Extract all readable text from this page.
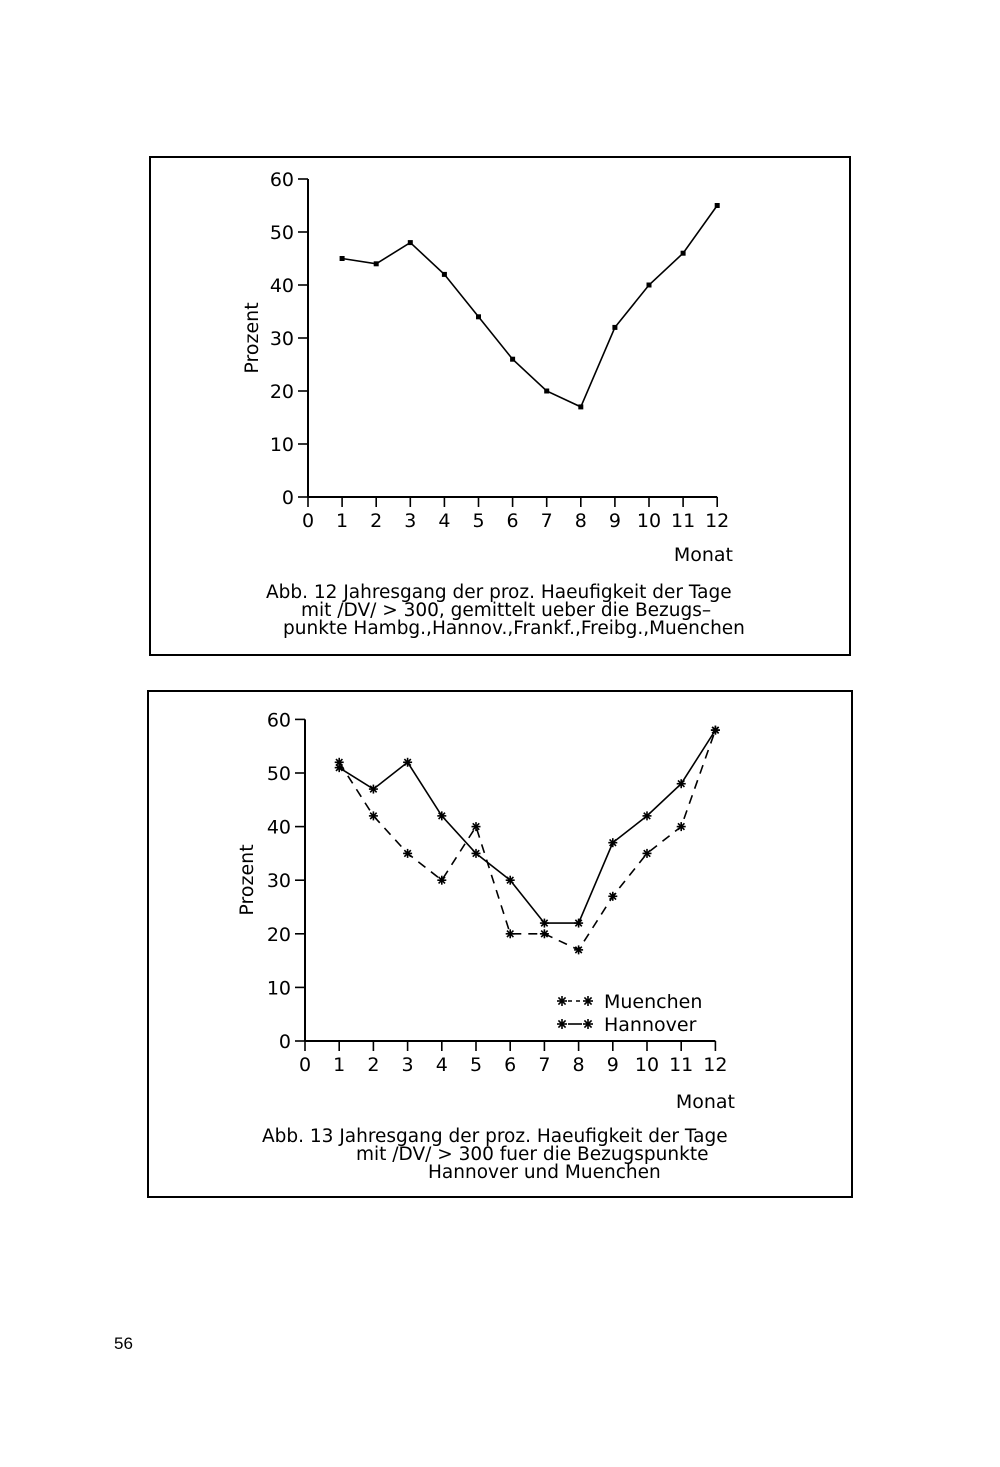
0
10
20
30
40
50
60
0 1 2 3 4 5 6 7 8 9 10 11 12
Prozent
Monat
0
10
20
30
40
50
60
0 1 2 3 4 5 6 7 8 9 10 11 12
Prozent
Monat
Muenchen
Hannover
Abb. 12 Jahresgang der proz. Haeufigkeit der Tage
mit /DV/ > 300, gemittelt ueber die Bezugs–
punkte Hambg.,Hannov.,Frankf.,Freibg.,Muenchen
Abb. 13 Jahresgang der proz. Haeufigkeit der Tage
mit /DV/ > 300 fuer die Bezugspunkte
Hannover und Muenchen
56
